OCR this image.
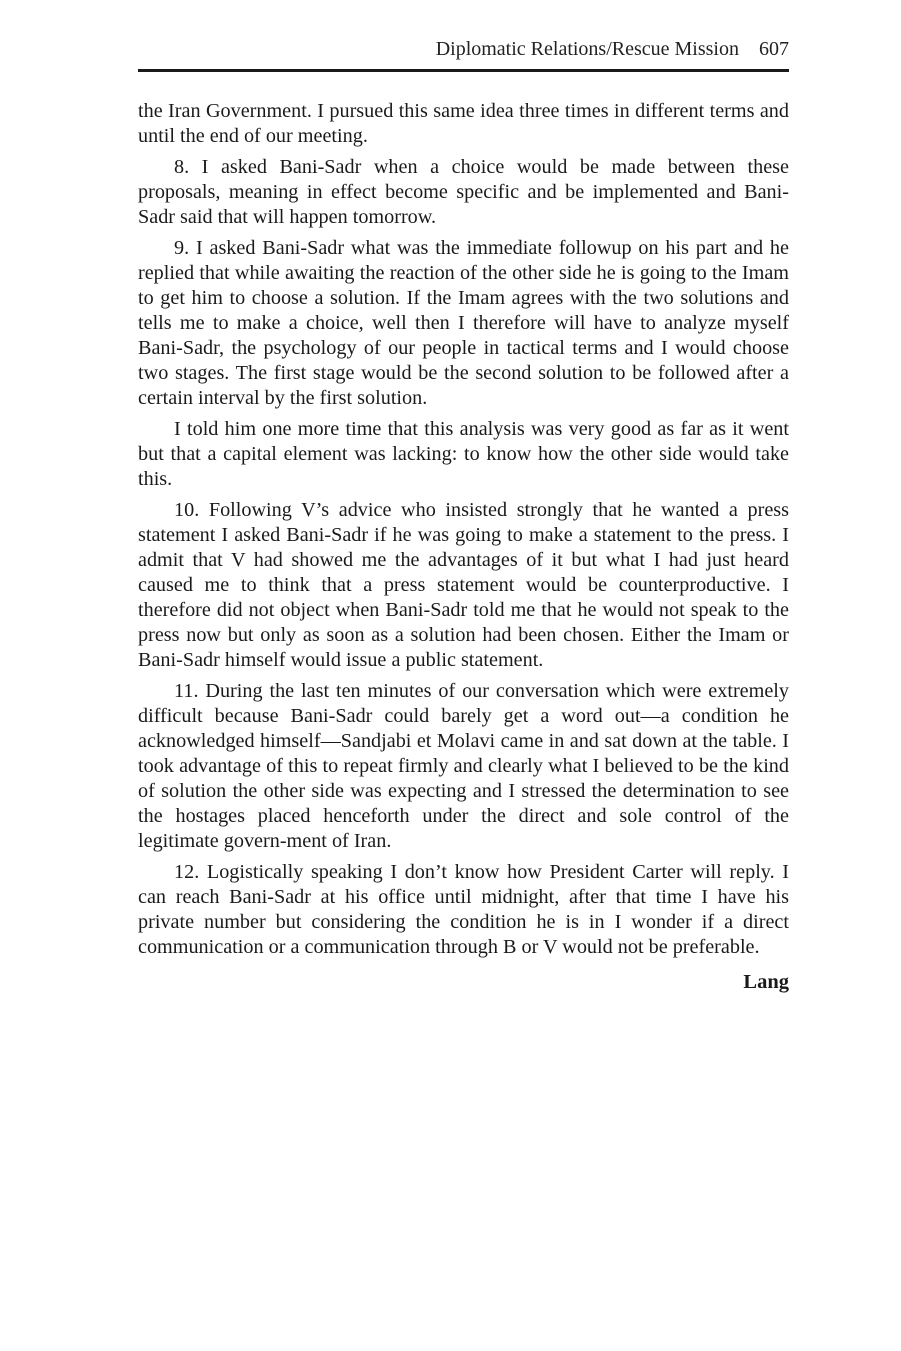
Diplomatic Relations/Rescue Mission 607

the Iran Government. I pursued this same idea three times in different terms and until the end of our meeting.

8. I asked Bani-Sadr when a choice would be made between these proposals, meaning in effect become specific and be implemented and Bani-Sadr said that will happen tomorrow.

9. I asked Bani-Sadr what was the immediate followup on his part and he replied that while awaiting the reaction of the other side he is going to the Imam to get him to choose a solution. If the Imam agrees with the two solutions and tells me to make a choice, well then I therefore will have to analyze myself Bani-Sadr, the psychology of our people in tactical terms and I would choose two stages. The first stage would be the second solution to be followed after a certain interval by the first solution.

I told him one more time that this analysis was very good as far as it went but that a capital element was lacking: to know how the other side would take this.

10. Following V’s advice who insisted strongly that he wanted a press statement I asked Bani-Sadr if he was going to make a statement to the press. I admit that V had showed me the advantages of it but what I had just heard caused me to think that a press statement would be counterproductive. I therefore did not object when Bani-Sadr told me that he would not speak to the press now but only as soon as a solution had been chosen. Either the Imam or Bani-Sadr himself would issue a public statement.

11. During the last ten minutes of our conversation which were extremely difficult because Bani-Sadr could barely get a word out—a condition he acknowledged himself—Sandjabi et Molavi came in and sat down at the table. I took advantage of this to repeat firmly and clearly what I believed to be the kind of solution the other side was expecting and I stressed the determination to see the hostages placed henceforth under the direct and sole control of the legitimate govern-ment of Iran.

12. Logistically speaking I don’t know how President Carter will reply. I can reach Bani-Sadr at his office until midnight, after that time I have his private number but considering the condition he is in I wonder if a direct communication or a communication through B or V would not be preferable.

Lang
